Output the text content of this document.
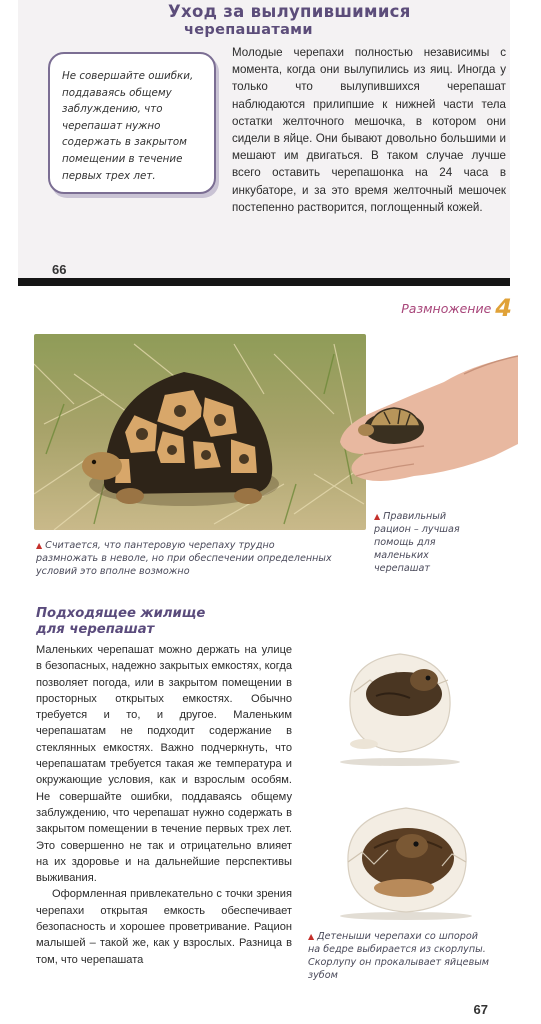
Уход за вылупившимися
черепашатами
Не совершайте ошибки, поддаваясь общему заблуждению, что черепашат нужно содержать в закрытом помещении в течение первых трех лет.
Молодые черепахи полностью независимы с момента, когда они вылупились из яиц. Иногда у только что вылупившихся черепашат наблюдаются прилипшие к нижней части тела остатки желточного мешочка, в котором они сидели в яйце. Они бывают довольно большими и мешают им двигаться. В таком случае лучше всего оставить черепашонка на 24 часа в инкубаторе, и за это время желточный мешочек постепенно растворится, поглощенный кожей.
66
Размножение 4
▲ Считается, что пантеровую черепаху трудно размножать в неволе, но при обеспечении определенных условий это вполне возможно
▲ Правильный рацион – лучшая помощь для маленьких черепашат
Подходящее жилище
для черепашат

Маленьких черепашат можно держать на улице в безопасных, надежно закрытых емкостях, когда позволяет погода, или в закрытом помещении в просторных открытых емкостях. Обычно требуется и то, и другое. Маленьким черепашатам не подходит содержание в стеклянных емкостях. Важно подчеркнуть, что черепашатам требуется такая же температура и окружающие условия, как и взрослым особям. Не совершайте ошибки, поддаваясь общему заблуждению, что черепашат нужно содержать в закрытом помещении в течение первых трех лет. Это совершенно не так и отрицательно влияет на их здоровье и на дальнейшие перспективы выживания.

Оформленная привлекательно с точки зрения черепахи открытая емкость обеспечивает безопасность и хорошее проветривание. Рацион малышей – такой же, как у взрослых. Разница в том, что черепашата

▲ Детеныши черепахи со шпорой на бедре выбирается из скорлупы. Скорлупу он прокалывает яйцевым зубом
67
